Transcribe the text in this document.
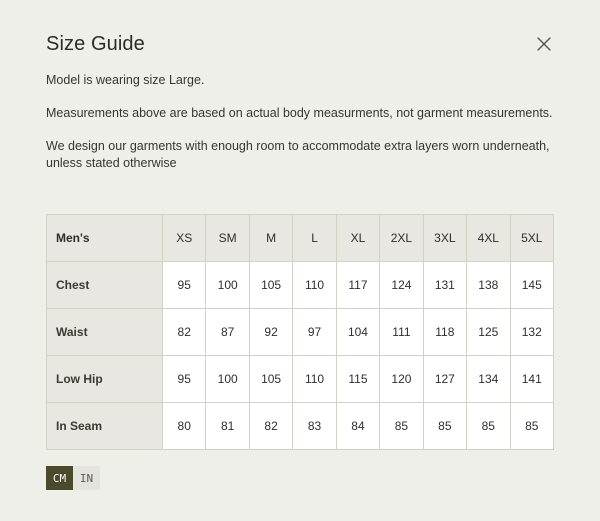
Size Guide

Model is wearing size Large.

Measurements above are based on actual body measurments, not garment measurements.

We design our garments with enough room to accommodate extra layers worn underneath, unless stated otherwise

Men's	XS	SM	M	L	XL	2XL	3XL	4XL	5XL
Chest	95	100	105	110	117	124	131	138	145
Waist	82	87	92	97	104	111	118	125	132
Low Hip	95	100	105	110	115	120	127	134	141
In Seam	80	81	82	83	84	85	85	85	85
CM	IN
